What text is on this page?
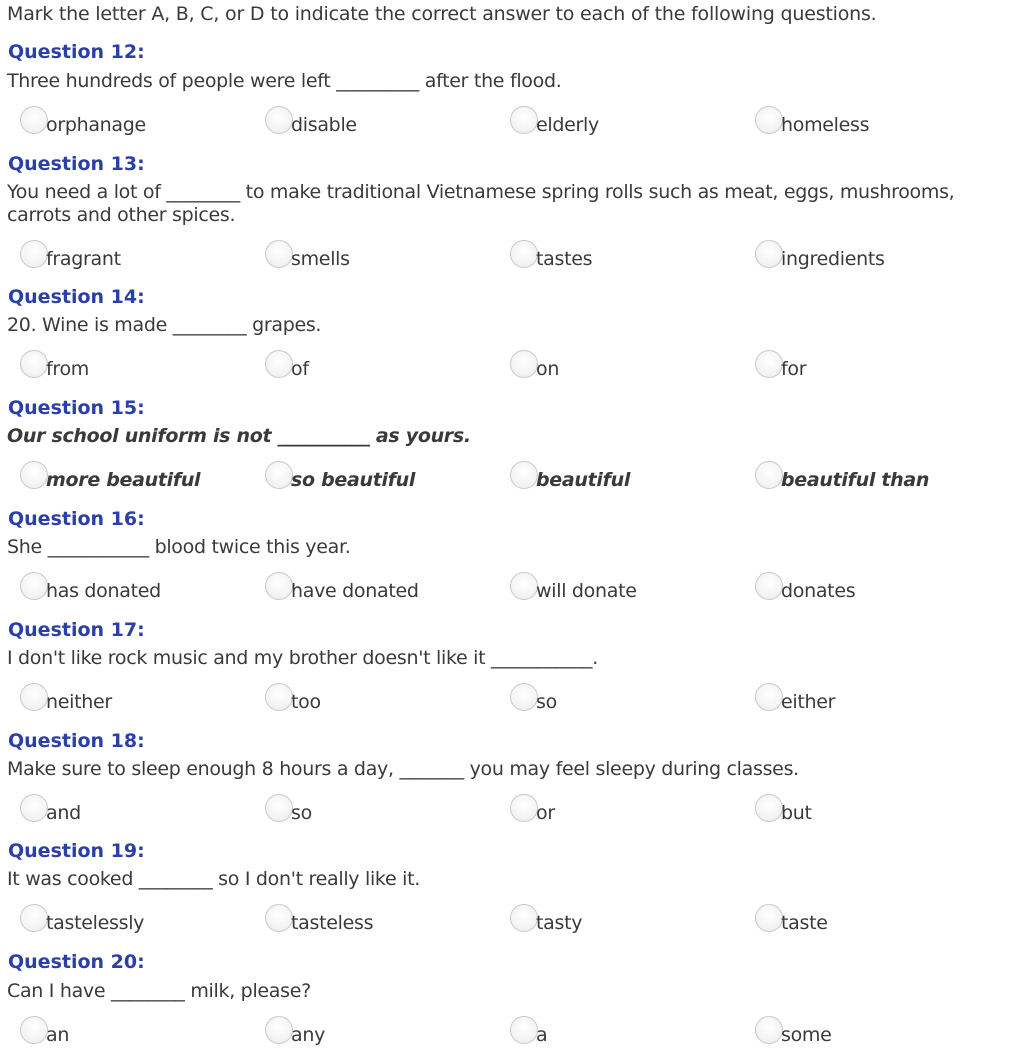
Mark the letter A, B, C, or D to indicate the correct answer to each of the following questions.
Question 12:
Three hundreds of people were left _________ after the flood.
orphanage	disable	elderly	homeless
Question 13:
You need a lot of ________ to make traditional Vietnamese spring rolls such as meat, eggs, mushrooms, carrots and other spices.
fragrant	smells	tastes	ingredients
Question 14:
20. Wine is made ________ grapes.
from	of	on	for
Question 15:
Our school uniform is not __________ as yours.
more beautiful	so beautiful	beautiful	beautiful than
Question 16:
She ___________ blood twice this year.
has donated	have donated	will donate	donates
Question 17:
I don't like rock music and my brother doesn't like it ___________.
neither	too	so	either
Question 18:
Make sure to sleep enough 8 hours a day, _______ you may feel sleepy during classes.
and	so	or	but
Question 19:
It was cooked ________ so I don't really like it.
tastelessly	tasteless	tasty	taste
Question 20:
Can I have ________ milk, please?
an	any	a	some
